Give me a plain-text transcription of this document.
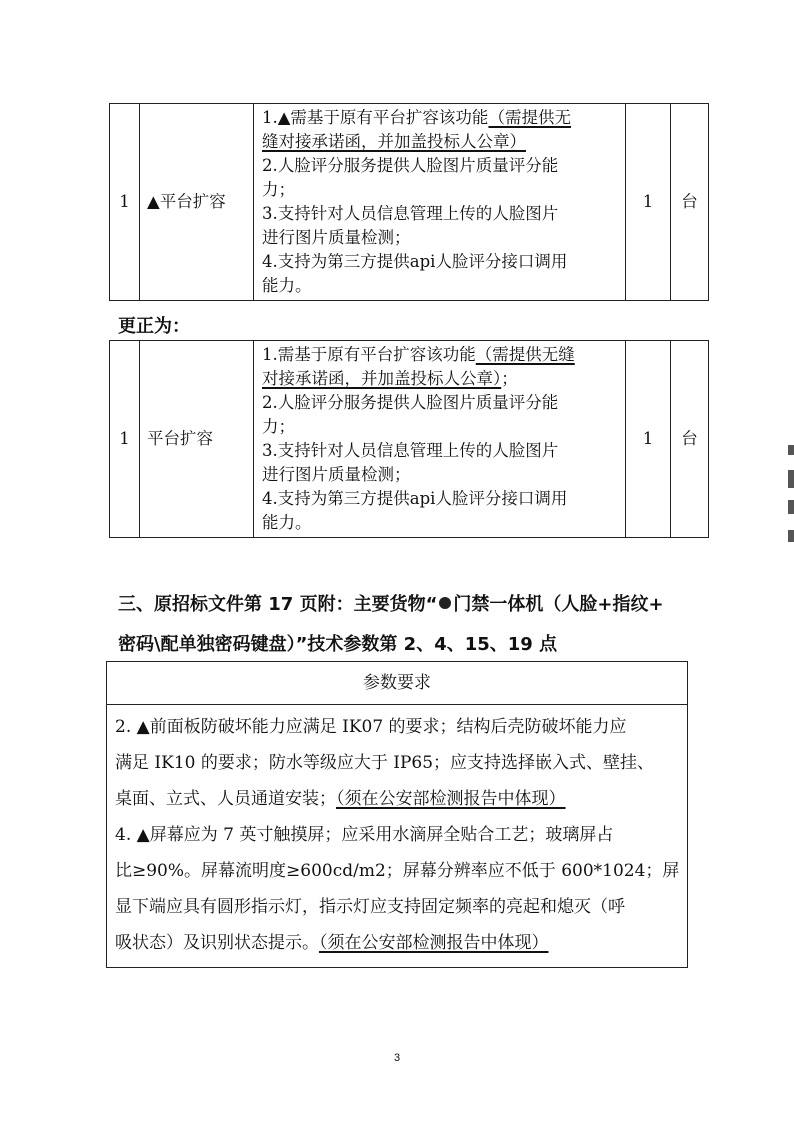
1	▲平台扩容	
1.▲需基于原有平台扩容该功能（需提供无
缝对接承诺函，并加盖投标人公章）
2.人脸评分服务提供人脸图片质量评分能
力；
3.支持针对人员信息管理上传的人脸图片
进行图片质量检测；
4.支持为第三方提供api人脸评分接口调用
能力。
	1	台
更正为：
1	平台扩容	
1.需基于原有平台扩容该功能（需提供无缝
对接承诺函，并加盖投标人公章）；
2.人脸评分服务提供人脸图片质量评分能
力；
3.支持针对人员信息管理上传的人脸图片
进行图片质量检测；
4.支持为第三方提供api人脸评分接口调用
能力。
	1	台
三、原招标文件第 17 页附：主要货物“ 门禁一体机（人脸+指纹+
密码\配单独密码键盘）”技术参数第 2、4、15、19 点
参数要求
2. ▲前面板防破坏能力应满足 IK07 的要求；结构后壳防破坏能力应
满足 IK10 的要求；防水等级应大于 IP65；应支持选择嵌入式、壁挂、
桌面、立式、人员通道安装；（须在公安部检测报告中体现）
4. ▲屏幕应为 7 英寸触摸屏；应采用水滴屏全贴合工艺；玻璃屏占
比≥90%。屏幕流明度≥600cd/m2；屏幕分辨率应不低于 600*1024；屏
显下端应具有圆形指示灯，指示灯应支持固定频率的亮起和熄灭（呼
吸状态）及识别状态提示。（须在公安部检测报告中体现）
3
